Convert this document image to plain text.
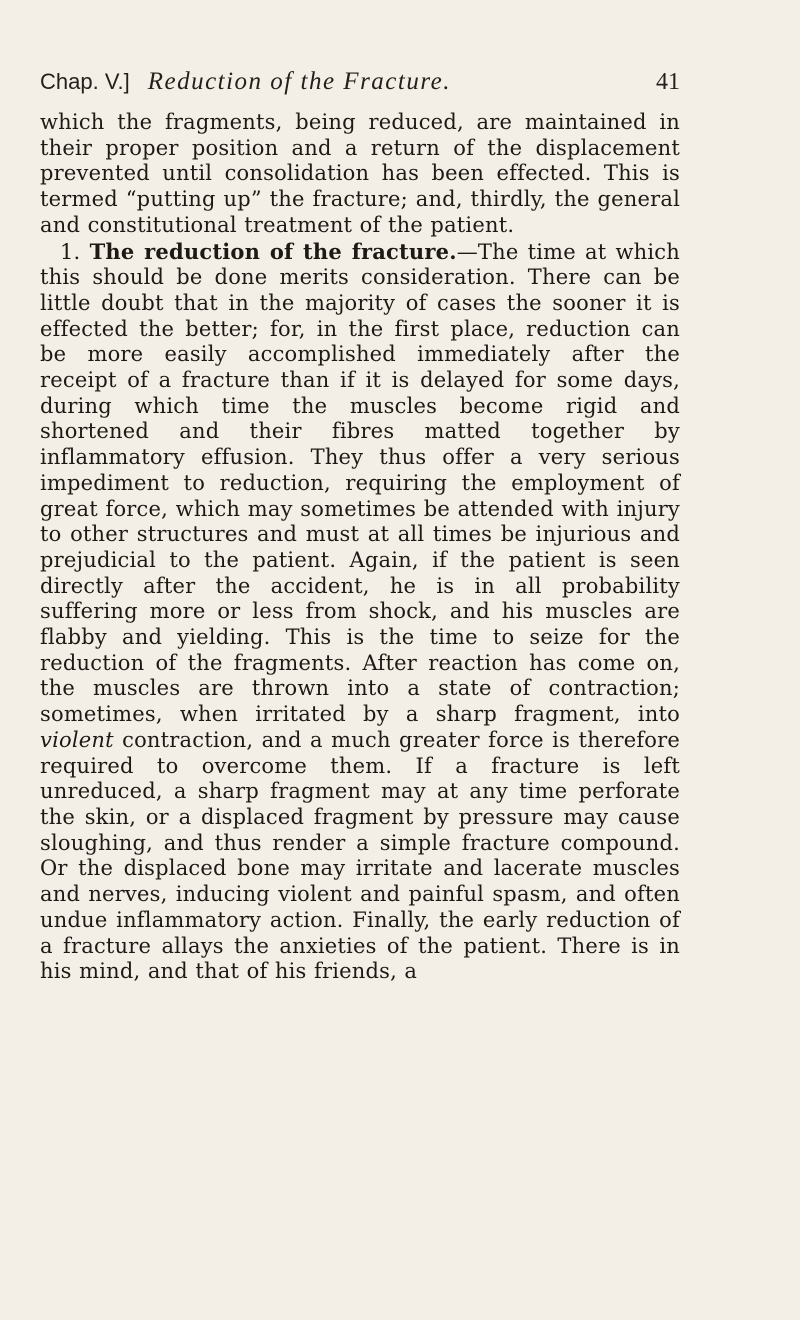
Chap. V.] Reduction of the Fracture.	41

which the fragments, being reduced, are maintained in their proper position and a return of the displacement prevented until consolidation has been effected. This is termed “putting up” the fracture; and, thirdly, the general and constitutional treatment of the patient.

1. The reduction of the fracture.—The time at which this should be done merits consideration. There can be little doubt that in the majority of cases the sooner it is effected the better; for, in the first place, reduction can be more easily accomplished immediately after the receipt of a fracture than if it is delayed for some days, during which time the muscles become rigid and shortened and their fibres matted together by inflammatory effusion. They thus offer a very serious impediment to reduction, requiring the employment of great force, which may sometimes be attended with injury to other structures and must at all times be injurious and prejudicial to the patient. Again, if the patient is seen directly after the accident, he is in all probability suffering more or less from shock, and his muscles are flabby and yielding. This is the time to seize for the reduction of the fragments. After reaction has come on, the muscles are thrown into a state of contraction; sometimes, when irritated by a sharp fragment, into violent contraction, and a much greater force is therefore required to overcome them. If a fracture is left unreduced, a sharp fragment may at any time perforate the skin, or a displaced fragment by pressure may cause sloughing, and thus render a simple fracture compound. Or the displaced bone may irritate and lacerate muscles and nerves, inducing violent and painful spasm, and often undue inflammatory action. Finally, the early reduction of a fracture allays the anxieties of the patient. There is in his mind, and that of his friends, a
